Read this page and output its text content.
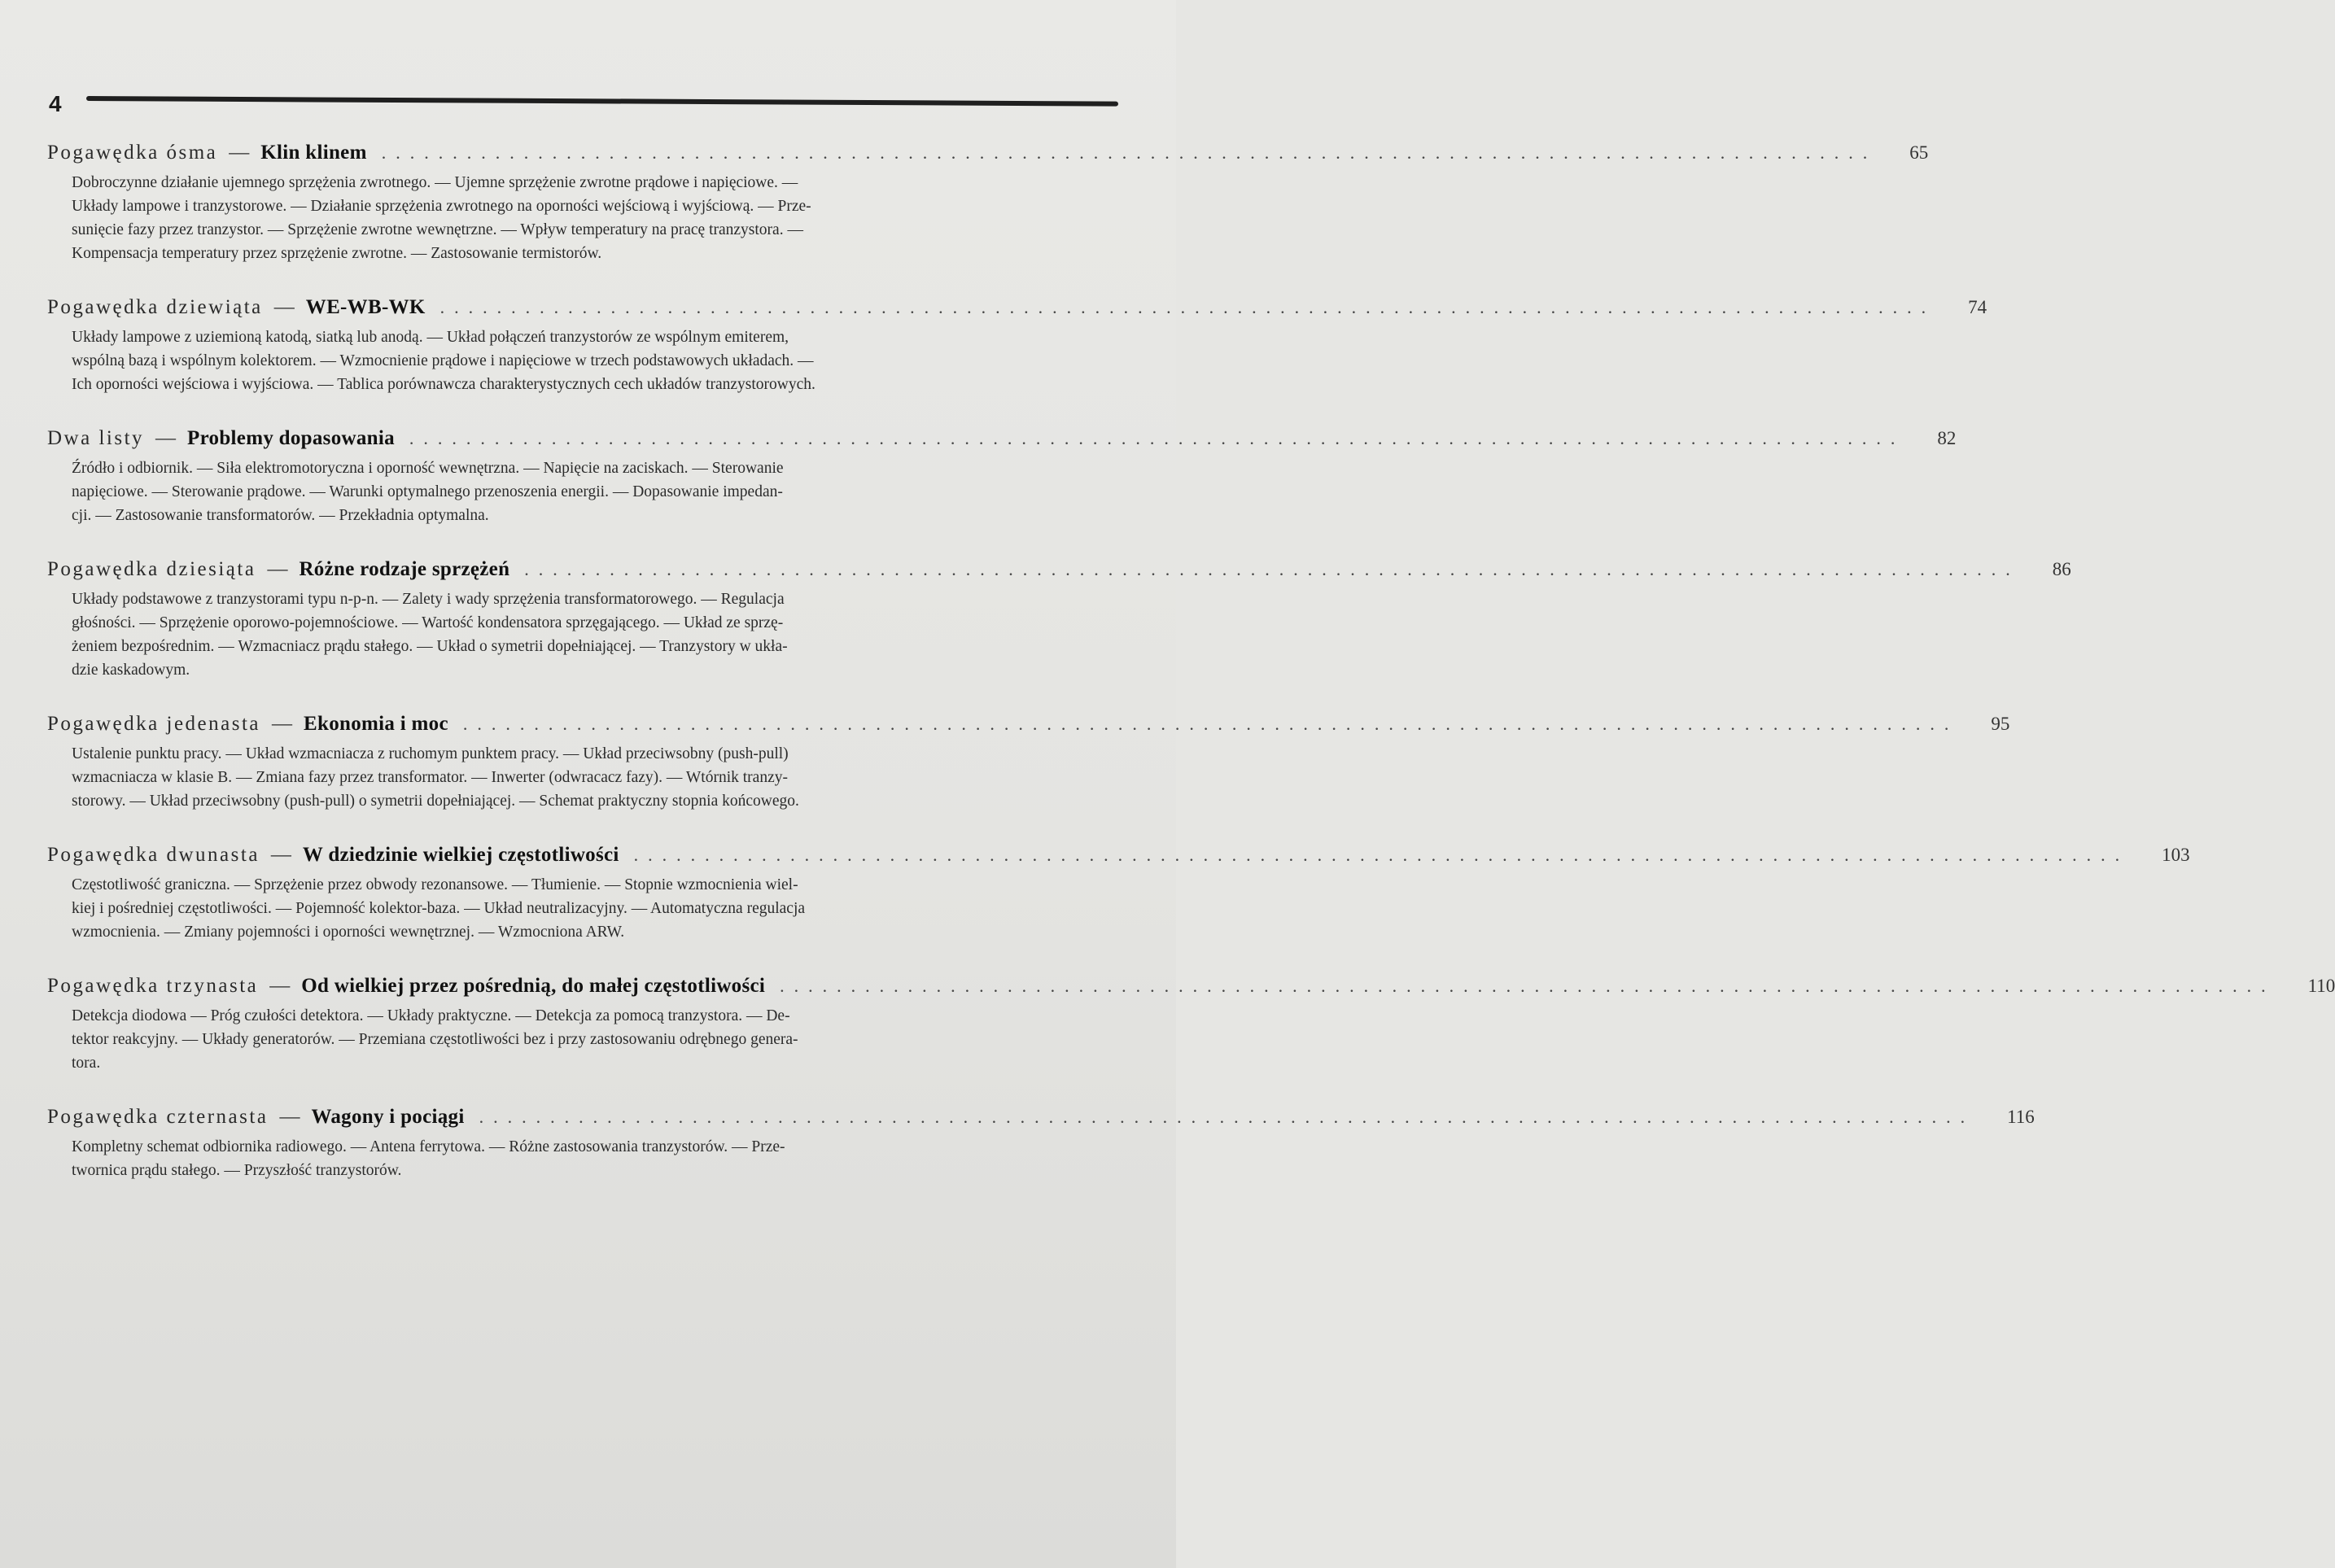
4
Pogawędka ósma — Klin klinem ......................................................................................................... 65
Dobroczynne działanie ujemnego sprzężenia zwrotnego. — Ujemne sprzężenie zwrotne prądowe i napięciowe. —
Układy lampowe i tranzystorowe. — Działanie sprzężenia zwrotnego na oporności wejściową i wyjściową. — Prze-
sunięcie fazy przez tranzystor. — Sprzężenie zwrotne wewnętrzne. — Wpływ temperatury na pracę tranzystora. —
Kompensacja temperatury przez sprzężenie zwrotne. — Zastosowanie termistorów.
Pogawędka dziewiąta — WE-WB-WK ......................................................................................................... 74
Układy lampowe z uziemioną katodą, siatką lub anodą. — Układ połączeń tranzystorów ze wspólnym emiterem,
wspólną bazą i wspólnym kolektorem. — Wzmocnienie prądowe i napięciowe w trzech podstawowych układach. —
Ich oporności wejściowa i wyjściowa. — Tablica porównawcza charakterystycznych cech układów tranzystorowych.
Dwa listy — Problemy dopasowania ......................................................................................................... 82
Źródło i odbiornik. — Siła elektromotoryczna i oporność wewnętrzna. — Napięcie na zaciskach. — Sterowanie
napięciowe. — Sterowanie prądowe. — Warunki optymalnego przenoszenia energii. — Dopasowanie impedan-
cji. — Zastosowanie transformatorów. — Przekładnia optymalna.
Pogawędka dziesiąta — Różne rodzaje sprzężeń ......................................................................................................... 86
Układy podstawowe z tranzystorami typu n-p-n. — Zalety i wady sprzężenia transformatorowego. — Regulacja
głośności. — Sprzężenie oporowo-pojemnościowe. — Wartość kondensatora sprzęgającego. — Układ ze sprzę-
żeniem bezpośrednim. — Wzmacniacz prądu stałego. — Układ o symetrii dopełniającej. — Tranzystory w ukła-
dzie kaskadowym.
Pogawędka jedenasta — Ekonomia i moc ......................................................................................................... 95
Ustalenie punktu pracy. — Układ wzmacniacza z ruchomym punktem pracy. — Układ przeciwsobny (push-pull)
wzmacniacza w klasie B. — Zmiana fazy przez transformator. — Inwerter (odwracacz fazy). — Wtórnik tranzy-
storowy. — Układ przeciwsobny (push-pull) o symetrii dopełniającej. — Schemat praktyczny stopnia końcowego.
Pogawędka dwunasta — W dziedzinie wielkiej częstotliwości ......................................................................................................... 103
Częstotliwość graniczna. — Sprzężenie przez obwody rezonansowe. — Tłumienie. — Stopnie wzmocnienia wiel-
kiej i pośredniej częstotliwości. — Pojemność kolektor-baza. — Układ neutralizacyjny. — Automatyczna regulacja
wzmocnienia. — Zmiany pojemności i oporności wewnętrznej. — Wzmocniona ARW.
Pogawędka trzynasta — Od wielkiej przez pośrednią, do małej częstotliwości ......................................................................................................... 110
Detekcja diodowa — Próg czułości detektora. — Układy praktyczne. — Detekcja za pomocą tranzystora. — De-
tektor reakcyjny. — Układy generatorów. — Przemiana częstotliwości bez i przy zastosowaniu odrębnego genera-
tora.
Pogawędka czternasta — Wagony i pociągi ......................................................................................................... 116
Kompletny schemat odbiornika radiowego. — Antena ferrytowa. — Różne zastosowania tranzystorów. — Prze-
twornica prądu stałego. — Przyszłość tranzystorów.
